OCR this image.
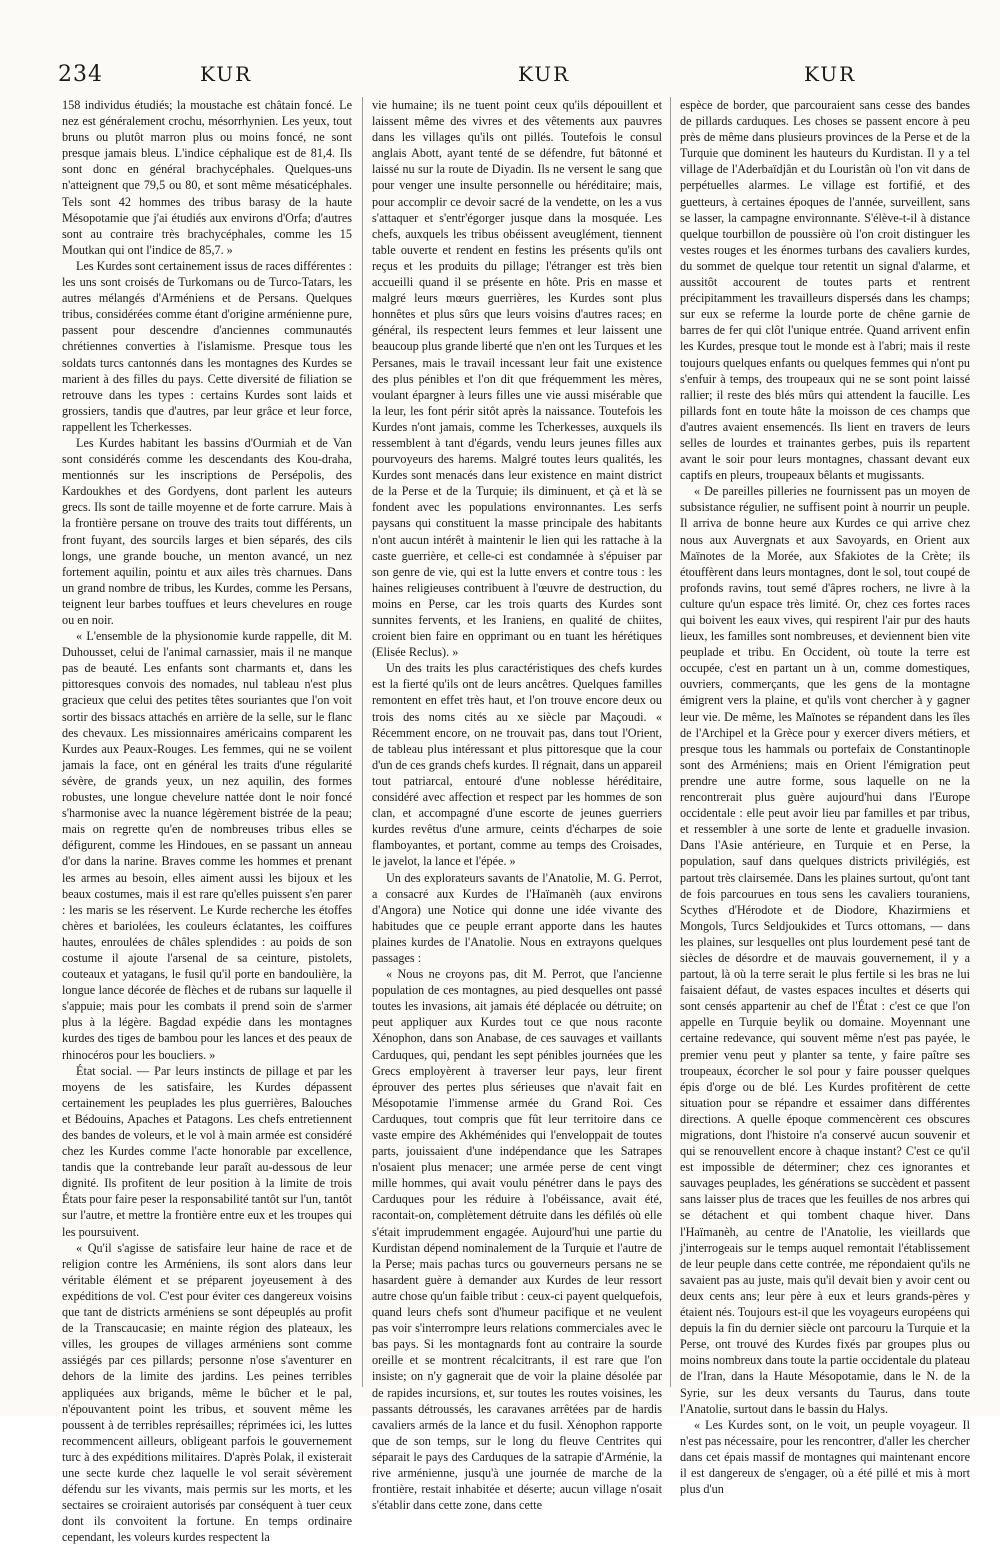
234	KUR	KUR	KUR

158 individus étudiés; la moustache est châtain foncé. Le nez est généralement crochu, mésorrhynien. Les yeux, tout bruns ou plutôt marron plus ou moins foncé, ne sont presque jamais bleus. L'indice céphalique est de 81,4. Ils sont donc en général brachycéphales. Quelques-uns n'atteignent que 79,5 ou 80, et sont même mésaticéphales. Tels sont 42 hommes des tribus barasy de la haute Mésopotamie que j'ai étudiés aux environs d'Orfa; d'autres sont au contraire très brachycéphales, comme les 15 Moutkan qui ont l'indice de 85,7. »

Les Kurdes sont certainement issus de races différentes : les uns sont croisés de Turkomans ou de Turco-Tatars, les autres mélangés d'Arméniens et de Persans. Quelques tribus, considérées comme étant d'origine arménienne pure, passent pour descendre d'anciennes communautés chrétiennes converties à l'islamisme. Presque tous les soldats turcs cantonnés dans les montagnes des Kurdes se marient à des filles du pays. Cette diversité de filiation se retrouve dans les types : certains Kurdes sont laids et grossiers, tandis que d'autres, par leur grâce et leur force, rappellent les Tcherkesses.

Les Kurdes habitant les bassins d'Ourmiah et de Van sont considérés comme les descendants des Kou-draha, mentionnés sur les inscriptions de Persépolis, des Kardoukhes et des Gordyens, dont parlent les auteurs grecs. Ils sont de taille moyenne et de forte carrure. Mais à la frontière persane on trouve des traits tout différents, un front fuyant, des sourcils larges et bien séparés, des cils longs, une grande bouche, un menton avancé, un nez fortement aquilin, pointu et aux ailes très charnues. Dans un grand nombre de tribus, les Kurdes, comme les Persans, teignent leur barbes touffues et leurs chevelures en rouge ou en noir.

« L'ensemble de la physionomie kurde rappelle, dit M. Duhousset, celui de l'animal carnassier, mais il ne manque pas de beauté. Les enfants sont charmants et, dans les pittoresques convois des nomades, nul tableau n'est plus gracieux que celui des petites têtes souriantes que l'on voit sortir des bissacs attachés en arrière de la selle, sur le flanc des chevaux. Les missionnaires américains comparent les Kurdes aux Peaux-Rouges. Les femmes, qui ne se voilent jamais la face, ont en général les traits d'une régularité sévère, de grands yeux, un nez aquilin, des formes robustes, une longue chevelure nattée dont le noir foncé s'harmonise avec la nuance légèrement bistrée de la peau; mais on regrette qu'en de nombreuses tribus elles se défigurent, comme les Hindoues, en se passant un anneau d'or dans la narine. Braves comme les hommes et prenant les armes au besoin, elles aiment aussi les bijoux et les beaux costumes, mais il est rare qu'elles puissent s'en parer : les maris se les réservent. Le Kurde recherche les étoffes chères et bariolées, les couleurs éclatantes, les coiffures hautes, enroulées de châles splendides : au poids de son costume il ajoute l'arsenal de sa ceinture, pistolets, couteaux et yatagans, le fusil qu'il porte en bandoulière, la longue lance décorée de flèches et de rubans sur laquelle il s'appuie; mais pour les combats il prend soin de s'armer plus à la légère. Bagdad expédie dans les montagnes kurdes des tiges de bambou pour les lances et des peaux de rhinocéros pour les boucliers. »

État social. — Par leurs instincts de pillage et par les moyens de les satisfaire, les Kurdes dépassent certainement les peuplades les plus guerrières, Balouches et Bédouins, Apaches et Patagons. Les chefs entretiennent des bandes de voleurs, et le vol à main armée est considéré chez les Kurdes comme l'acte honorable par excellence, tandis que la contrebande leur paraît au-dessous de leur dignité. Ils profitent de leur position à la limite de trois États pour faire peser la responsabilité tantôt sur l'un, tantôt sur l'autre, et mettre la frontière entre eux et les troupes qui les poursuivent.

« Qu'il s'agisse de satisfaire leur haine de race et de religion contre les Arméniens, ils sont alors dans leur véritable élément et se préparent joyeusement à des expéditions de vol. C'est pour éviter ces dangereux voisins que tant de districts arméniens se sont dépeuplés au profit de la Transcaucasie; en mainte région des plateaux, les villes, les groupes de villages arméniens sont comme assiégés par ces pillards; personne n'ose s'aventurer en dehors de la limite des jardins. Les peines terribles appliquées aux brigands, même le bûcher et le pal, n'épouvantent point les tribus, et souvent même les poussent à de terribles représailles; réprimées ici, les luttes recommencent ailleurs, obligeant parfois le gouvernement turc à des expéditions militaires. D'après Polak, il existerait une secte kurde chez laquelle le vol serait sévèrement défendu sur les vivants, mais permis sur les morts, et les sectaires se croiraient autorisés par conséquent à tuer ceux dont ils convoitent la fortune. En temps ordinaire cependant, les voleurs kurdes respectent la

vie humaine; ils ne tuent point ceux qu'ils dépouillent et laissent même des vivres et des vêtements aux pauvres dans les villages qu'ils ont pillés. Toutefois le consul anglais Abott, ayant tenté de se défendre, fut bâtonné et laissé nu sur la route de Diyadin. Ils ne versent le sang que pour venger une insulte personnelle ou héréditaire; mais, pour accomplir ce devoir sacré de la vendette, on les a vus s'attaquer et s'entr'égorger jusque dans la mosquée. Les chefs, auxquels les tribus obéissent aveuglément, tiennent table ouverte et rendent en festins les présents qu'ils ont reçus et les produits du pillage; l'étranger est très bien accueilli quand il se présente en hôte. Pris en masse et malgré leurs mœurs guerrières, les Kurdes sont plus honnêtes et plus sûrs que leurs voisins d'autres races; en général, ils respectent leurs femmes et leur laissent une beaucoup plus grande liberté que n'en ont les Turques et les Persanes, mais le travail incessant leur fait une existence des plus pénibles et l'on dit que fréquemment les mères, voulant épargner à leurs filles une vie aussi misérable que la leur, les font périr sitôt après la naissance. Toutefois les Kurdes n'ont jamais, comme les Tcherkesses, auxquels ils ressemblent à tant d'égards, vendu leurs jeunes filles aux pourvoyeurs des harems. Malgré toutes leurs qualités, les Kurdes sont menacés dans leur existence en maint district de la Perse et de la Turquie; ils diminuent, et çà et là se fondent avec les populations environnantes. Les serfs paysans qui constituent la masse principale des habitants n'ont aucun intérêt à maintenir le lien qui les rattache à la caste guerrière, et celle-ci est condamnée à s'épuiser par son genre de vie, qui est la lutte envers et contre tous : les haines religieuses contribuent à l'œuvre de destruction, du moins en Perse, car les trois quarts des Kurdes sont sunnites fervents, et les Iraniens, en qualité de chiites, croient bien faire en opprimant ou en tuant les hérétiques (Elisée Reclus). »

Un des traits les plus caractéristiques des chefs kurdes est la fierté qu'ils ont de leurs ancêtres. Quelques familles remontent en effet très haut, et l'on trouve encore deux ou trois des noms cités au xe siècle par Maçoudi. « Récemment encore, on ne trouvait pas, dans tout l'Orient, de tableau plus intéressant et plus pittoresque que la cour d'un de ces grands chefs kurdes. Il régnait, dans un appareil tout patriarcal, entouré d'une noblesse héréditaire, considéré avec affection et respect par les hommes de son clan, et accompagné d'une escorte de jeunes guerriers kurdes revêtus d'une armure, ceints d'écharpes de soie flamboyantes, et portant, comme au temps des Croisades, le javelot, la lance et l'épée. »

Un des explorateurs savants de l'Anatolie, M. G. Perrot, a consacré aux Kurdes de l'Haïmanèh (aux environs d'Angora) une Notice qui donne une idée vivante des habitudes que ce peuple errant apporte dans les hautes plaines kurdes de l'Anatolie. Nous en extrayons quelques passages :

« Nous ne croyons pas, dit M. Perrot, que l'ancienne population de ces montagnes, au pied desquelles ont passé toutes les invasions, ait jamais été déplacée ou détruite; on peut appliquer aux Kurdes tout ce que nous raconte Xénophon, dans son Anabase, de ces sauvages et vaillants Carduques, qui, pendant les sept pénibles journées que les Grecs employèrent à traverser leur pays, leur firent éprouver des pertes plus sérieuses que n'avait fait en Mésopotamie l'immense armée du Grand Roi. Ces Carduques, tout compris que fût leur territoire dans ce vaste empire des Akhéménides qui l'enveloppait de toutes parts, jouissaient d'une indépendance que les Satrapes n'osaient plus menacer; une armée perse de cent vingt mille hommes, qui avait voulu pénétrer dans le pays des Carduques pour les réduire à l'obéissance, avait été, racontait-on, complètement détruite dans les défilés où elle s'était imprudemment engagée. Aujourd'hui une partie du Kurdistan dépend nominalement de la Turquie et l'autre de la Perse; mais pachas turcs ou gouverneurs persans ne se hasardent guère à demander aux Kurdes de leur ressort autre chose qu'un faible tribut : ceux-ci payent quelquefois, quand leurs chefs sont d'humeur pacifique et ne veulent pas voir s'interrompre leurs relations commerciales avec le bas pays. Si les montagnards font au contraire la sourde oreille et se montrent récalcitrants, il est rare que l'on insiste; on n'y gagnerait que de voir la plaine désolée par de rapides incursions, et, sur toutes les routes voisines, les passants détroussés, les caravanes arrêtées par de hardis cavaliers armés de la lance et du fusil. Xénophon rapporte que de son temps, sur le long du fleuve Centrites qui séparait le pays des Carduques de la satrapie d'Arménie, la rive arménienne, jusqu'à une journée de marche de la frontière, restait inhabitée et déserte; aucun village n'osait s'établir dans cette zone, dans cette

espèce de border, que parcouraient sans cesse des bandes de pillards carduques. Les choses se passent encore à peu près de même dans plusieurs provinces de la Perse et de la Turquie que dominent les hauteurs du Kurdistan. Il y a tel village de l'Aderbaïdjân et du Louristân où l'on vit dans de perpétuelles alarmes. Le village est fortifié, et des guetteurs, à certaines époques de l'année, surveillent, sans se lasser, la campagne environnante. S'élève-t-il à distance quelque tourbillon de poussière où l'on croit distinguer les vestes rouges et les énormes turbans des cavaliers kurdes, du sommet de quelque tour retentit un signal d'alarme, et aussitôt accourent de toutes parts et rentrent précipitamment les travailleurs dispersés dans les champs; sur eux se referme la lourde porte de chêne garnie de barres de fer qui clôt l'unique entrée. Quand arrivent enfin les Kurdes, presque tout le monde est à l'abri; mais il reste toujours quelques enfants ou quelques femmes qui n'ont pu s'enfuir à temps, des troupeaux qui ne se sont point laissé rallier; il reste des blés mûrs qui attendent la faucille. Les pillards font en toute hâte la moisson de ces champs que d'autres avaient ensemencés. Ils lient en travers de leurs selles de lourdes et trainantes gerbes, puis ils repartent avant le soir pour leurs montagnes, chassant devant eux captifs en pleurs, troupeaux bêlants et mugissants.

« De pareilles pilleries ne fournissent pas un moyen de subsistance régulier, ne suffisent point à nourrir un peuple. Il arriva de bonne heure aux Kurdes ce qui arrive chez nous aux Auvergnats et aux Savoyards, en Orient aux Maïnotes de la Morée, aux Sfakiotes de la Crète; ils étouffèrent dans leurs montagnes, dont le sol, tout coupé de profonds ravins, tout semé d'âpres rochers, ne livre à la culture qu'un espace très limité. Or, chez ces fortes races qui boivent les eaux vives, qui respirent l'air pur des hauts lieux, les familles sont nombreuses, et deviennent bien vite peuplade et tribu. En Occident, où toute la terre est occupée, c'est en partant un à un, comme domestiques, ouvriers, commerçants, que les gens de la montagne émigrent vers la plaine, et qu'ils vont chercher à y gagner leur vie. De même, les Maïnotes se répandent dans les îles de l'Archipel et la Grèce pour y exercer divers métiers, et presque tous les hammals ou portefaix de Constantinople sont des Arméniens; mais en Orient l'émigration peut prendre une autre forme, sous laquelle on ne la rencontrerait plus guère aujourd'hui dans l'Europe occidentale : elle peut avoir lieu par familles et par tribus, et ressembler à une sorte de lente et graduelle invasion. Dans l'Asie antérieure, en Turquie et en Perse, la population, sauf dans quelques districts privilégiés, est partout très clairsemée. Dans les plaines surtout, qu'ont tant de fois parcourues en tous sens les cavaliers touraniens, Scythes d'Hérodote et de Diodore, Khazirmiens et Mongols, Turcs Seldjoukides et Turcs ottomans, — dans les plaines, sur lesquelles ont plus lourdement pesé tant de siècles de désordre et de mauvais gouvernement, il y a partout, là où la terre serait le plus fertile si les bras ne lui faisaient défaut, de vastes espaces incultes et déserts qui sont censés appartenir au chef de l'État : c'est ce que l'on appelle en Turquie beylik ou domaine. Moyennant une certaine redevance, qui souvent même n'est pas payée, le premier venu peut y planter sa tente, y faire paître ses troupeaux, écorcher le sol pour y faire pousser quelques épis d'orge ou de blé. Les Kurdes profitèrent de cette situation pour se répandre et essaimer dans différentes directions. A quelle époque commencèrent ces obscures migrations, dont l'histoire n'a conservé aucun souvenir et qui se renouvellent encore à chaque instant? C'est ce qu'il est impossible de déterminer; chez ces ignorantes et sauvages peuplades, les générations se succèdent et passent sans laisser plus de traces que les feuilles de nos arbres qui se détachent et qui tombent chaque hiver. Dans l'Haïmanèh, au centre de l'Anatolie, les vieillards que j'interrogeais sur le temps auquel remontait l'établissement de leur peuple dans cette contrée, me répondaient qu'ils ne savaient pas au juste, mais qu'il devait bien y avoir cent ou deux cents ans; leur père à eux et leurs grands-pères y étaient nés. Toujours est-il que les voyageurs européens qui depuis la fin du dernier siècle ont parcouru la Turquie et la Perse, ont trouvé des Kurdes fixés par groupes plus ou moins nombreux dans toute la partie occidentale du plateau de l'Iran, dans la Haute Mésopotamie, dans le N. de la Syrie, sur les deux versants du Taurus, dans toute l'Anatolie, surtout dans le bassin du Halys.

« Les Kurdes sont, on le voit, un peuple voyageur. Il n'est pas nécessaire, pour les rencontrer, d'aller les chercher dans cet épais massif de montagnes qui maintenant encore il est dangereux de s'engager, où a été pillé et mis à mort plus d'un
